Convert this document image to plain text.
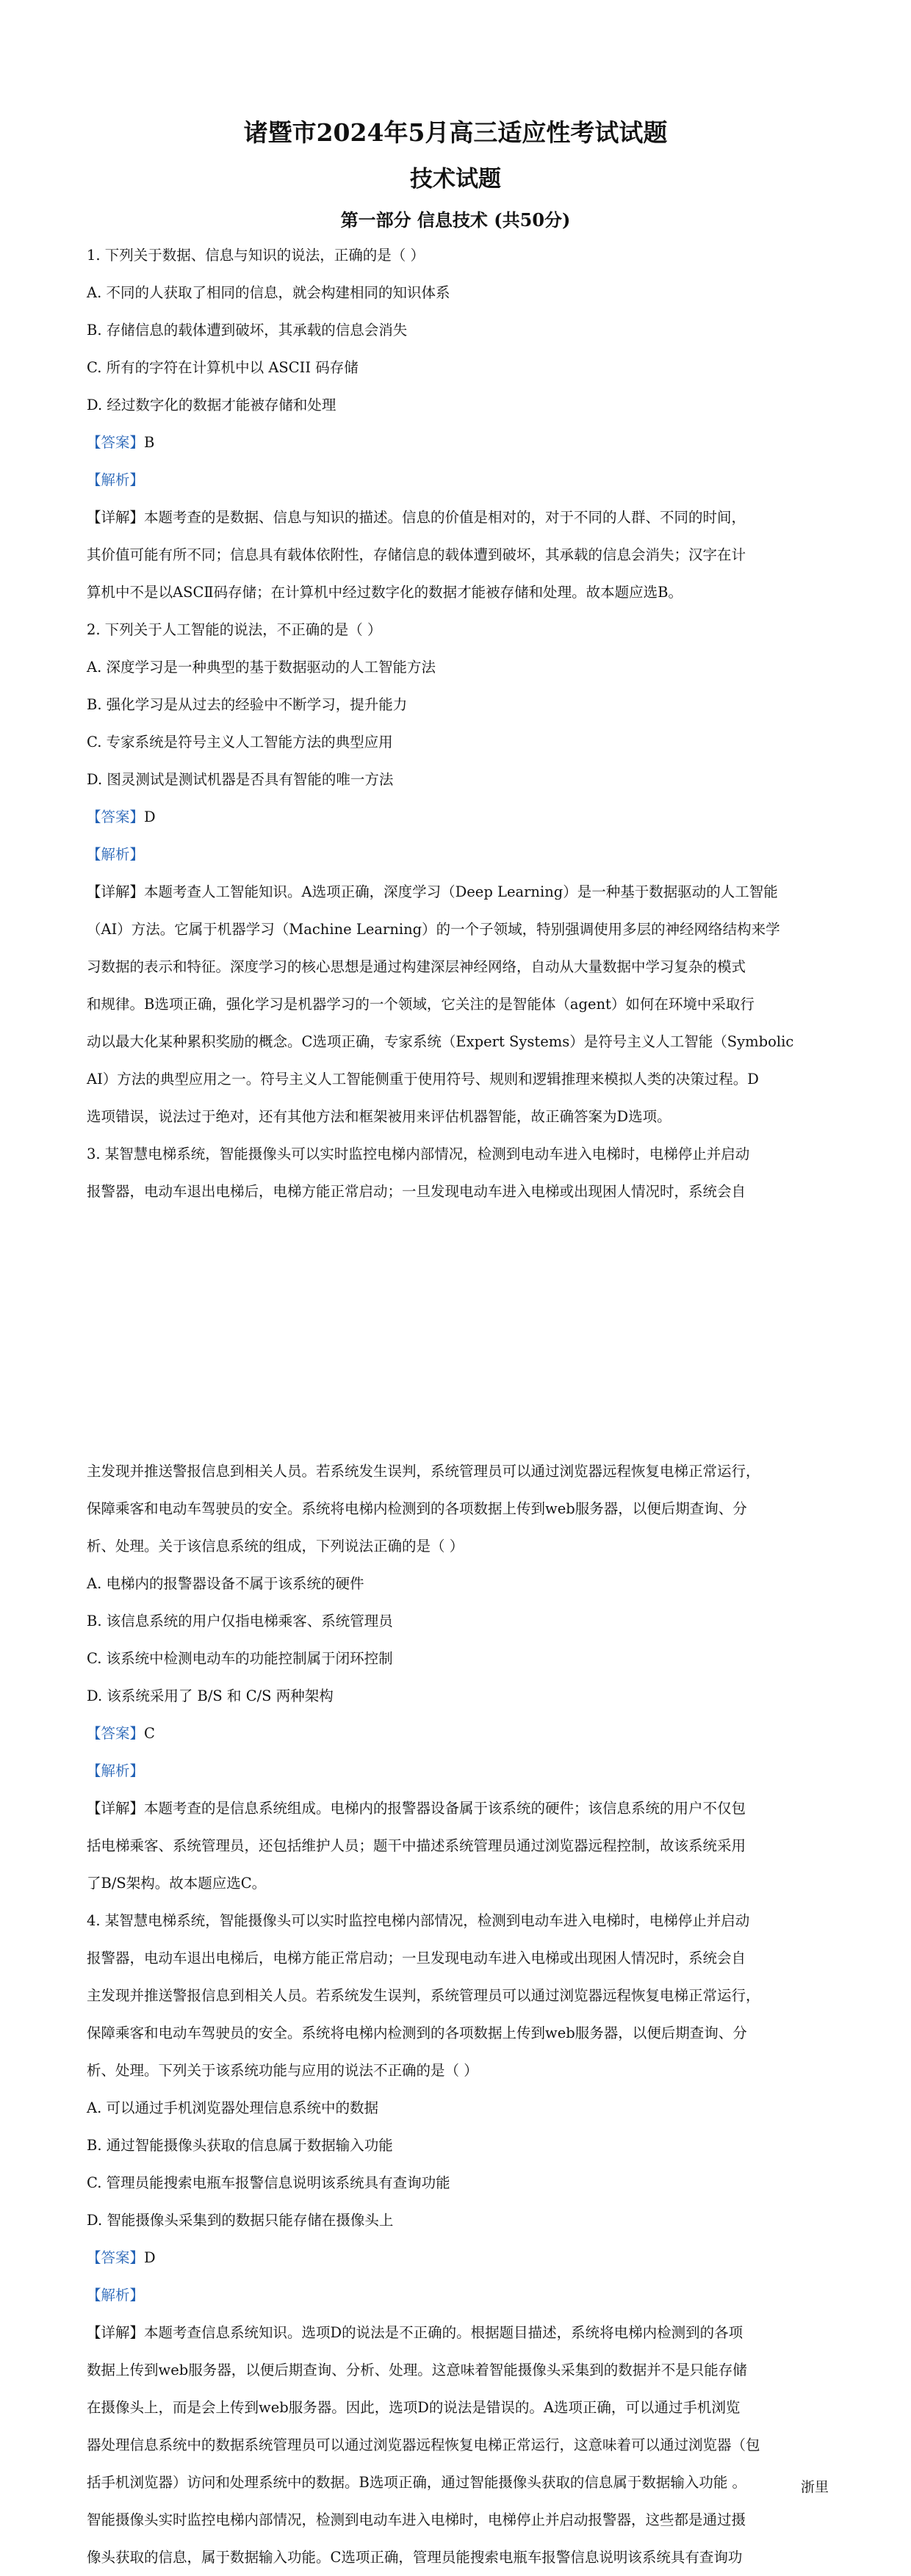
诸暨市2024年5月高三适应性考试试题
技术试题
第一部分 信息技术 (共50分)

1. 下列关于数据、信息与知识的说法，正确的是（ ）

A. 不同的人获取了相同的信息，就会构建相同的知识体系

B. 存储信息的载体遭到破坏，其承载的信息会消失

C. 所有的字符在计算机中以 ASCII 码存储

D. 经过数字化的数据才能被存储和处理

【答案】B

【解析】

【详解】本题考查的是数据、信息与知识的描述。信息的价值是相对的，对于不同的人群、不同的时间，

其价值可能有所不同；信息具有载体依附性，存储信息的载体遭到破坏，其承载的信息会消失；汉字在计

算机中不是以ASCⅡ码存储；在计算机中经过数字化的数据才能被存储和处理。故本题应选B。

2. 下列关于人工智能的说法，不正确的是（ ）

A. 深度学习是一种典型的基于数据驱动的人工智能方法

B. 强化学习是从过去的经验中不断学习，提升能力

C. 专家系统是符号主义人工智能方法的典型应用

D. 图灵测试是测试机器是否具有智能的唯一方法

【答案】D

【解析】

【详解】本题考查人工智能知识。A选项正确，深度学习（Deep Learning）是一种基于数据驱动的人工智能

（AI）方法。它属于机器学习（Machine Learning）的一个子领域，特别强调使用多层的神经网络结构来学

习数据的表示和特征。深度学习的核心思想是通过构建深层神经网络，自动从大量数据中学习复杂的模式

和规律。B选项正确，强化学习是机器学习的一个领域，它关注的是智能体（agent）如何在环境中采取行

动以最大化某种累积奖励的概念。C选项正确，专家系统（Expert Systems）是符号主义人工智能（Symbolic

AI）方法的典型应用之一。符号主义人工智能侧重于使用符号、规则和逻辑推理来模拟人类的决策过程。D

选项错误，说法过于绝对，还有其他方法和框架被用来评估机器智能，故正确答案为D选项。

3. 某智慧电梯系统，智能摄像头可以实时监控电梯内部情况，检测到电动车进入电梯时，电梯停止并启动

报警器，电动车退出电梯后，电梯方能正常启动；一旦发现电动车进入电梯或出现困人情况时，系统会自

主发现并推送警报信息到相关人员。若系统发生误判，系统管理员可以通过浏览器远程恢复电梯正常运行，

保障乘客和电动车驾驶员的安全。系统将电梯内检测到的各项数据上传到web服务器，以便后期查询、分

析、处理。关于该信息系统的组成，下列说法正确的是（ ）

A. 电梯内的报警器设备不属于该系统的硬件

B. 该信息系统的用户仅指电梯乘客、系统管理员

C. 该系统中检测电动车的功能控制属于闭环控制

D. 该系统采用了 B/S 和 C/S 两种架构

【答案】C

【解析】

【详解】本题考查的是信息系统组成。电梯内的报警器设备属于该系统的硬件；该信息系统的用户不仅包

括电梯乘客、系统管理员，还包括维护人员；题干中描述系统管理员通过浏览器远程控制，故该系统采用

了B/S架构。故本题应选C。

4. 某智慧电梯系统，智能摄像头可以实时监控电梯内部情况，检测到电动车进入电梯时，电梯停止并启动

报警器，电动车退出电梯后，电梯方能正常启动；一旦发现电动车进入电梯或出现困人情况时，系统会自

主发现并推送警报信息到相关人员。若系统发生误判，系统管理员可以通过浏览器远程恢复电梯正常运行，

保障乘客和电动车驾驶员的安全。系统将电梯内检测到的各项数据上传到web服务器，以便后期查询、分

析、处理。下列关于该系统功能与应用的说法不正确的是（ ）

A. 可以通过手机浏览器处理信息系统中的数据

B. 通过智能摄像头获取的信息属于数据输入功能

C. 管理员能搜索电瓶车报警信息说明该系统具有查询功能

D. 智能摄像头采集到的数据只能存储在摄像头上

【答案】D

【解析】

【详解】本题考查信息系统知识。选项D的说法是不正确的。根据题目描述，系统将电梯内检测到的各项

数据上传到web服务器，以便后期查询、分析、处理。这意味着智能摄像头采集到的数据并不是只能存储

在摄像头上，而是会上传到web服务器。因此，选项D的说法是错误的。A选项正确，可以通过手机浏览

器处理信息系统中的数据系统管理员可以通过浏览器远程恢复电梯正常运行，这意味着可以通过浏览器（包

括手机浏览器）访问和处理系统中的数据。B选项正确，通过智能摄像头获取的信息属于数据输入功能 。

智能摄像头实时监控电梯内部情况，检测到电动车进入电梯时，电梯停止并启动报警器，这些都是通过摄

像头获取的信息，属于数据输入功能。C选项正确，管理员能搜索电瓶车报警信息说明该系统具有查询功

浙里
